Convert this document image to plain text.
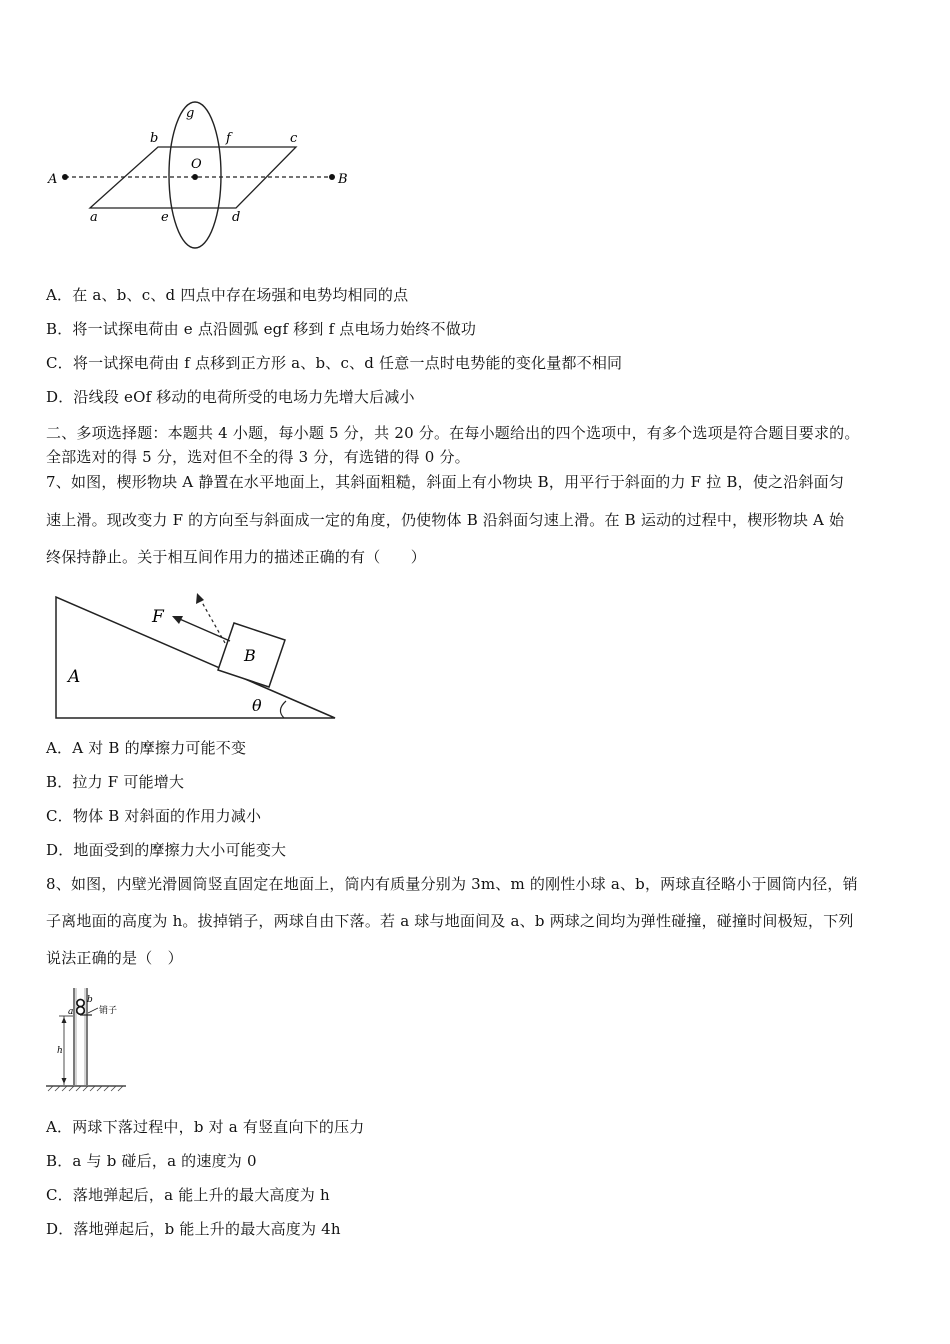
A	B
O
g
b	f	c
a	e	d
A．在 a、b、c、d 四点中存在场强和电势均相同的点
B．将一试探电荷由 e 点沿圆弧 egf 移到 f 点电场力始终不做功
C．将一试探电荷由 f 点移到正方形 a、b、c、d 任意一点时电势能的变化量都不相同
D．沿线段 eOf 移动的电荷所受的电场力先增大后减小
二、多项选择题：本题共 4 小题，每小题 5 分，共 20 分。在每小题给出的四个选项中，有多个选项是符合题目要求的。
全部选对的得 5 分，选对但不全的得 3 分，有选错的得 0 分。
7、如图，楔形物块 A 静置在水平地面上，其斜面粗糙，斜面上有小物块 B，用平行于斜面的力 F 拉 B，使之沿斜面匀
速上滑。现改变力 F 的方向至与斜面成一定的角度，仍使物体 B 沿斜面匀速上滑。在 B 运动的过程中，楔形物块 A 始
终保持静止。关于相互间作用力的描述正确的有（　　）
F
B
A
θ
A．A 对 B 的摩擦力可能不变
B．拉力 F 可能增大
C．物体 B 对斜面的作用力减小
D．地面受到的摩擦力大小可能变大
8、如图，内壁光滑圆筒竖直固定在地面上，筒内有质量分别为 3m、m 的刚性小球 a、b，两球直径略小于圆筒内径，销
子离地面的高度为 h。拔掉销子，两球自由下落。若 a 球与地面间及 a、b 两球之间均为弹性碰撞，碰撞时间极短，下列
说法正确的是（　）
b
a	销子
h
A．两球下落过程中，b 对 a 有竖直向下的压力
B．a 与 b 碰后，a 的速度为 0
C．落地弹起后，a 能上升的最大高度为 h
D．落地弹起后，b 能上升的最大高度为 4h
